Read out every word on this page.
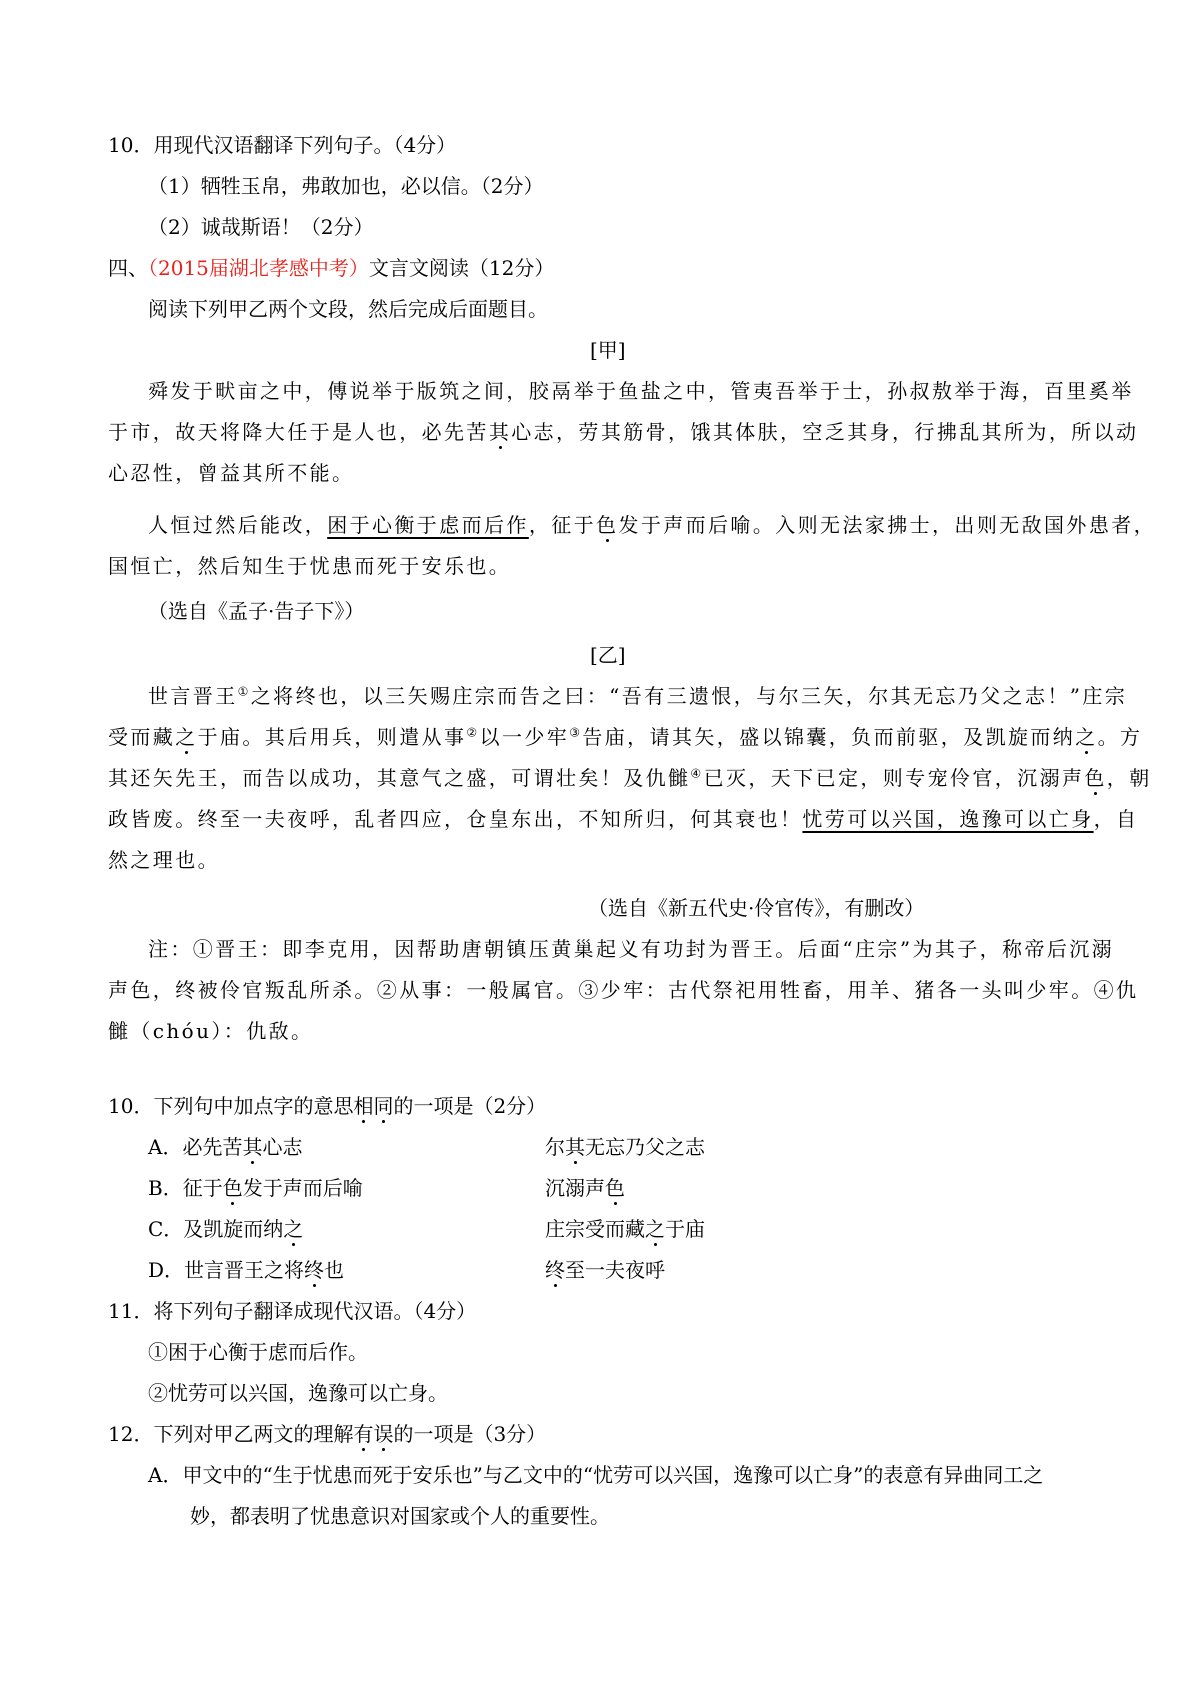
10．用现代汉语翻译下列句子。（4分）
（1）牺牲玉帛，弗敢加也，必以信。（2分）
（2）诚哉斯语！（2分）
四、（2015届湖北孝感中考）文言文阅读（12分）
阅读下列甲乙两个文段，然后完成后面题目。
[甲]
舜发于畎亩之中，傅说举于版筑之间，胶鬲举于鱼盐之中，管夷吾举于士，孙叔敖举于海，百里奚举
于市，故天将降大任于是人也，必先苦其心志，劳其筋骨，饿其体肤，空乏其身，行拂乱其所为，所以动
心忍性，曾益其所不能。
人恒过然后能改，困于心衡于虑而后作，征于色发于声而后喻。入则无法家拂士，出则无敌国外患者，
国恒亡，然后知生于忧患而死于安乐也。
（选自《孟子·告子下》）
[乙]
世言晋王①之将终也，以三矢赐庄宗而告之曰：“吾有三遗恨，与尔三矢，尔其无忘乃父之志！”庄宗
受而藏之于庙。其后用兵，则遣从事②以一少牢③告庙，请其矢，盛以锦囊，负而前驱，及凯旋而纳之。方
其还矢先王，而告以成功，其意气之盛，可谓壮矣！及仇雠④已灭，天下已定，则专宠伶官，沉溺声色，朝
政皆废。终至一夫夜呼，乱者四应，仓皇东出，不知所归，何其衰也！忧劳可以兴国，逸豫可以亡身，自
然之理也。
（选自《新五代史·伶官传》，有删改）
注：①晋王：即李克用，因帮助唐朝镇压黄巢起义有功封为晋王。后面“庄宗”为其子，称帝后沉溺
声色，终被伶官叛乱所杀。②从事：一般属官。③少牢：古代祭祀用牲畜，用羊、猪各一头叫少牢。④仇
雠（chóu）：仇敌。
10．下列句中加点字的意思相同的一项是（2分）
A．必先苦其心志	尔其无忘乃父之志
B．征于色发于声而后喻	沉溺声色
C．及凯旋而纳之	庄宗受而藏之于庙
D．世言晋王之将终也	终至一夫夜呼
11．将下列句子翻译成现代汉语。（4分）
①困于心衡于虑而后作。
②忧劳可以兴国，逸豫可以亡身。
12．下列对甲乙两文的理解有误的一项是（3分）
A．甲文中的“生于忧患而死于安乐也”与乙文中的“忧劳可以兴国，逸豫可以亡身”的表意有异曲同工之
妙，都表明了忧患意识对国家或个人的重要性。
